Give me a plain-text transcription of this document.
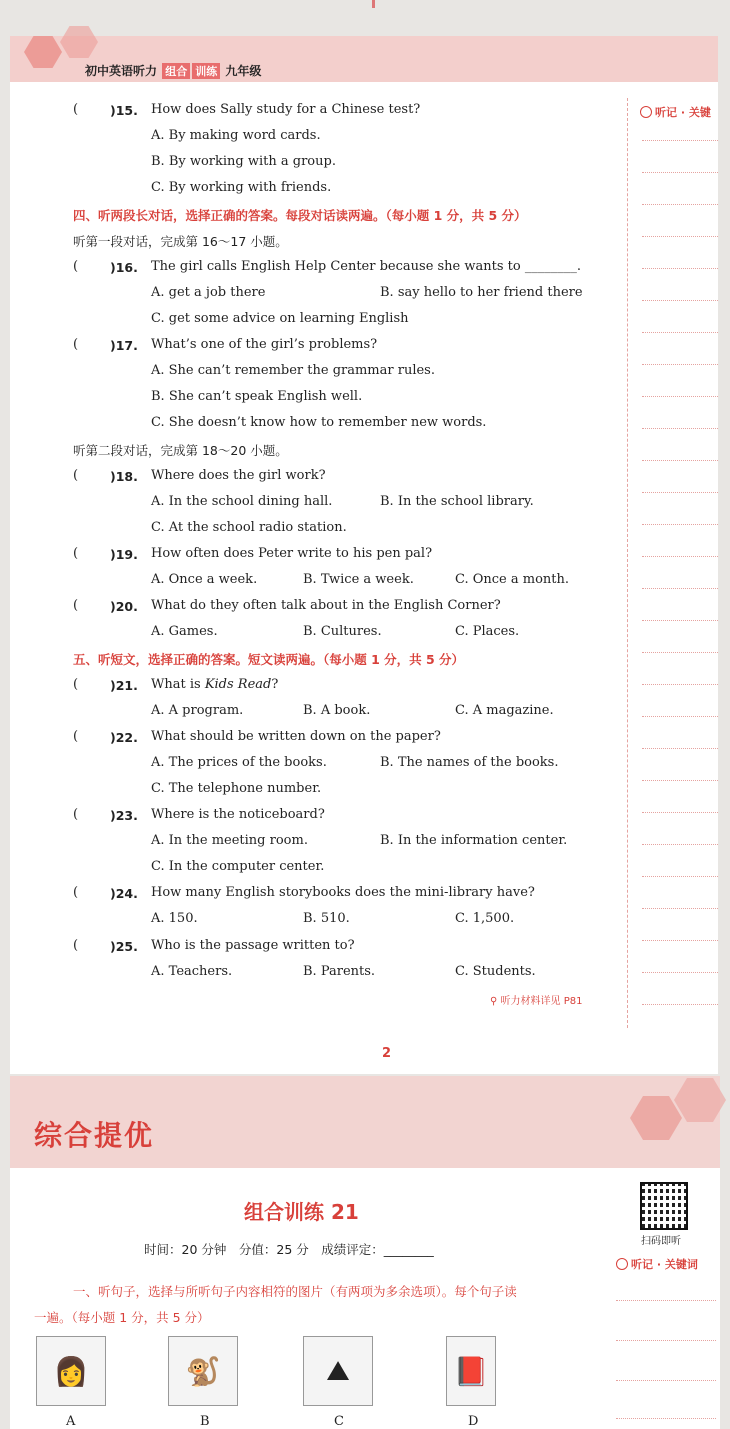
初中英语听力 组合 训练 九年级
听记 · 关键
(	)15. How does Sally study for a Chinese test?
A. By making word cards.
B. By working with a group.
C. By working with friends.
四、听两段长对话，选择正确的答案。每段对话读两遍。（每小题 1 分，共 5 分）
听第一段对话，完成第 16～17 小题。
(	)16. The girl calls English Help Center because she wants to ________.
A. get a job there	B. say hello to her friend there
C. get some advice on learning English
(	)17. What’s one of the girl’s problems?
A. She can’t remember the grammar rules.
B. She can’t speak English well.
C. She doesn’t know how to remember new words.
听第二段对话，完成第 18～20 小题。
(	)18. Where does the girl work?
A. In the school dining hall.	B. In the school library.
C. At the school radio station.
(	)19. How often does Peter write to his pen pal?
A. Once a week.	B. Twice a week.	C. Once a month.
(	)20. What do they often talk about in the English Corner?
A. Games.	B. Cultures.	C. Places.
五、听短文，选择正确的答案。短文读两遍。（每小题 1 分，共 5 分）
(	)21. What is Kids Read?
A. A program.	B. A book.	C. A magazine.
(	)22. What should be written down on the paper?
A. The prices of the books.	B. The names of the books.
C. The telephone number.
(	)23. Where is the noticeboard?
A. In the meeting room.	B. In the information center.
C. In the computer center.
(	)24. How many English storybooks does the mini-library have?
A. 150.	B. 510.	C. 1,500.
(	)25. Who is the passage written to?
A. Teachers.	B. Parents.	C. Students.
⚲ 听力材料详见 P81
2
综合提优
组合训练 21
时间：20 分钟　分值：25 分　成绩评定：________
扫码即听
听记 · 关键词
一、听句子，选择与所听句子内容相符的图片（有两项为多余选项）。每个句子读
一遍。（每小题 1 分，共 5 分）
👩	🐒	⛰	📕
A	B	C	D
